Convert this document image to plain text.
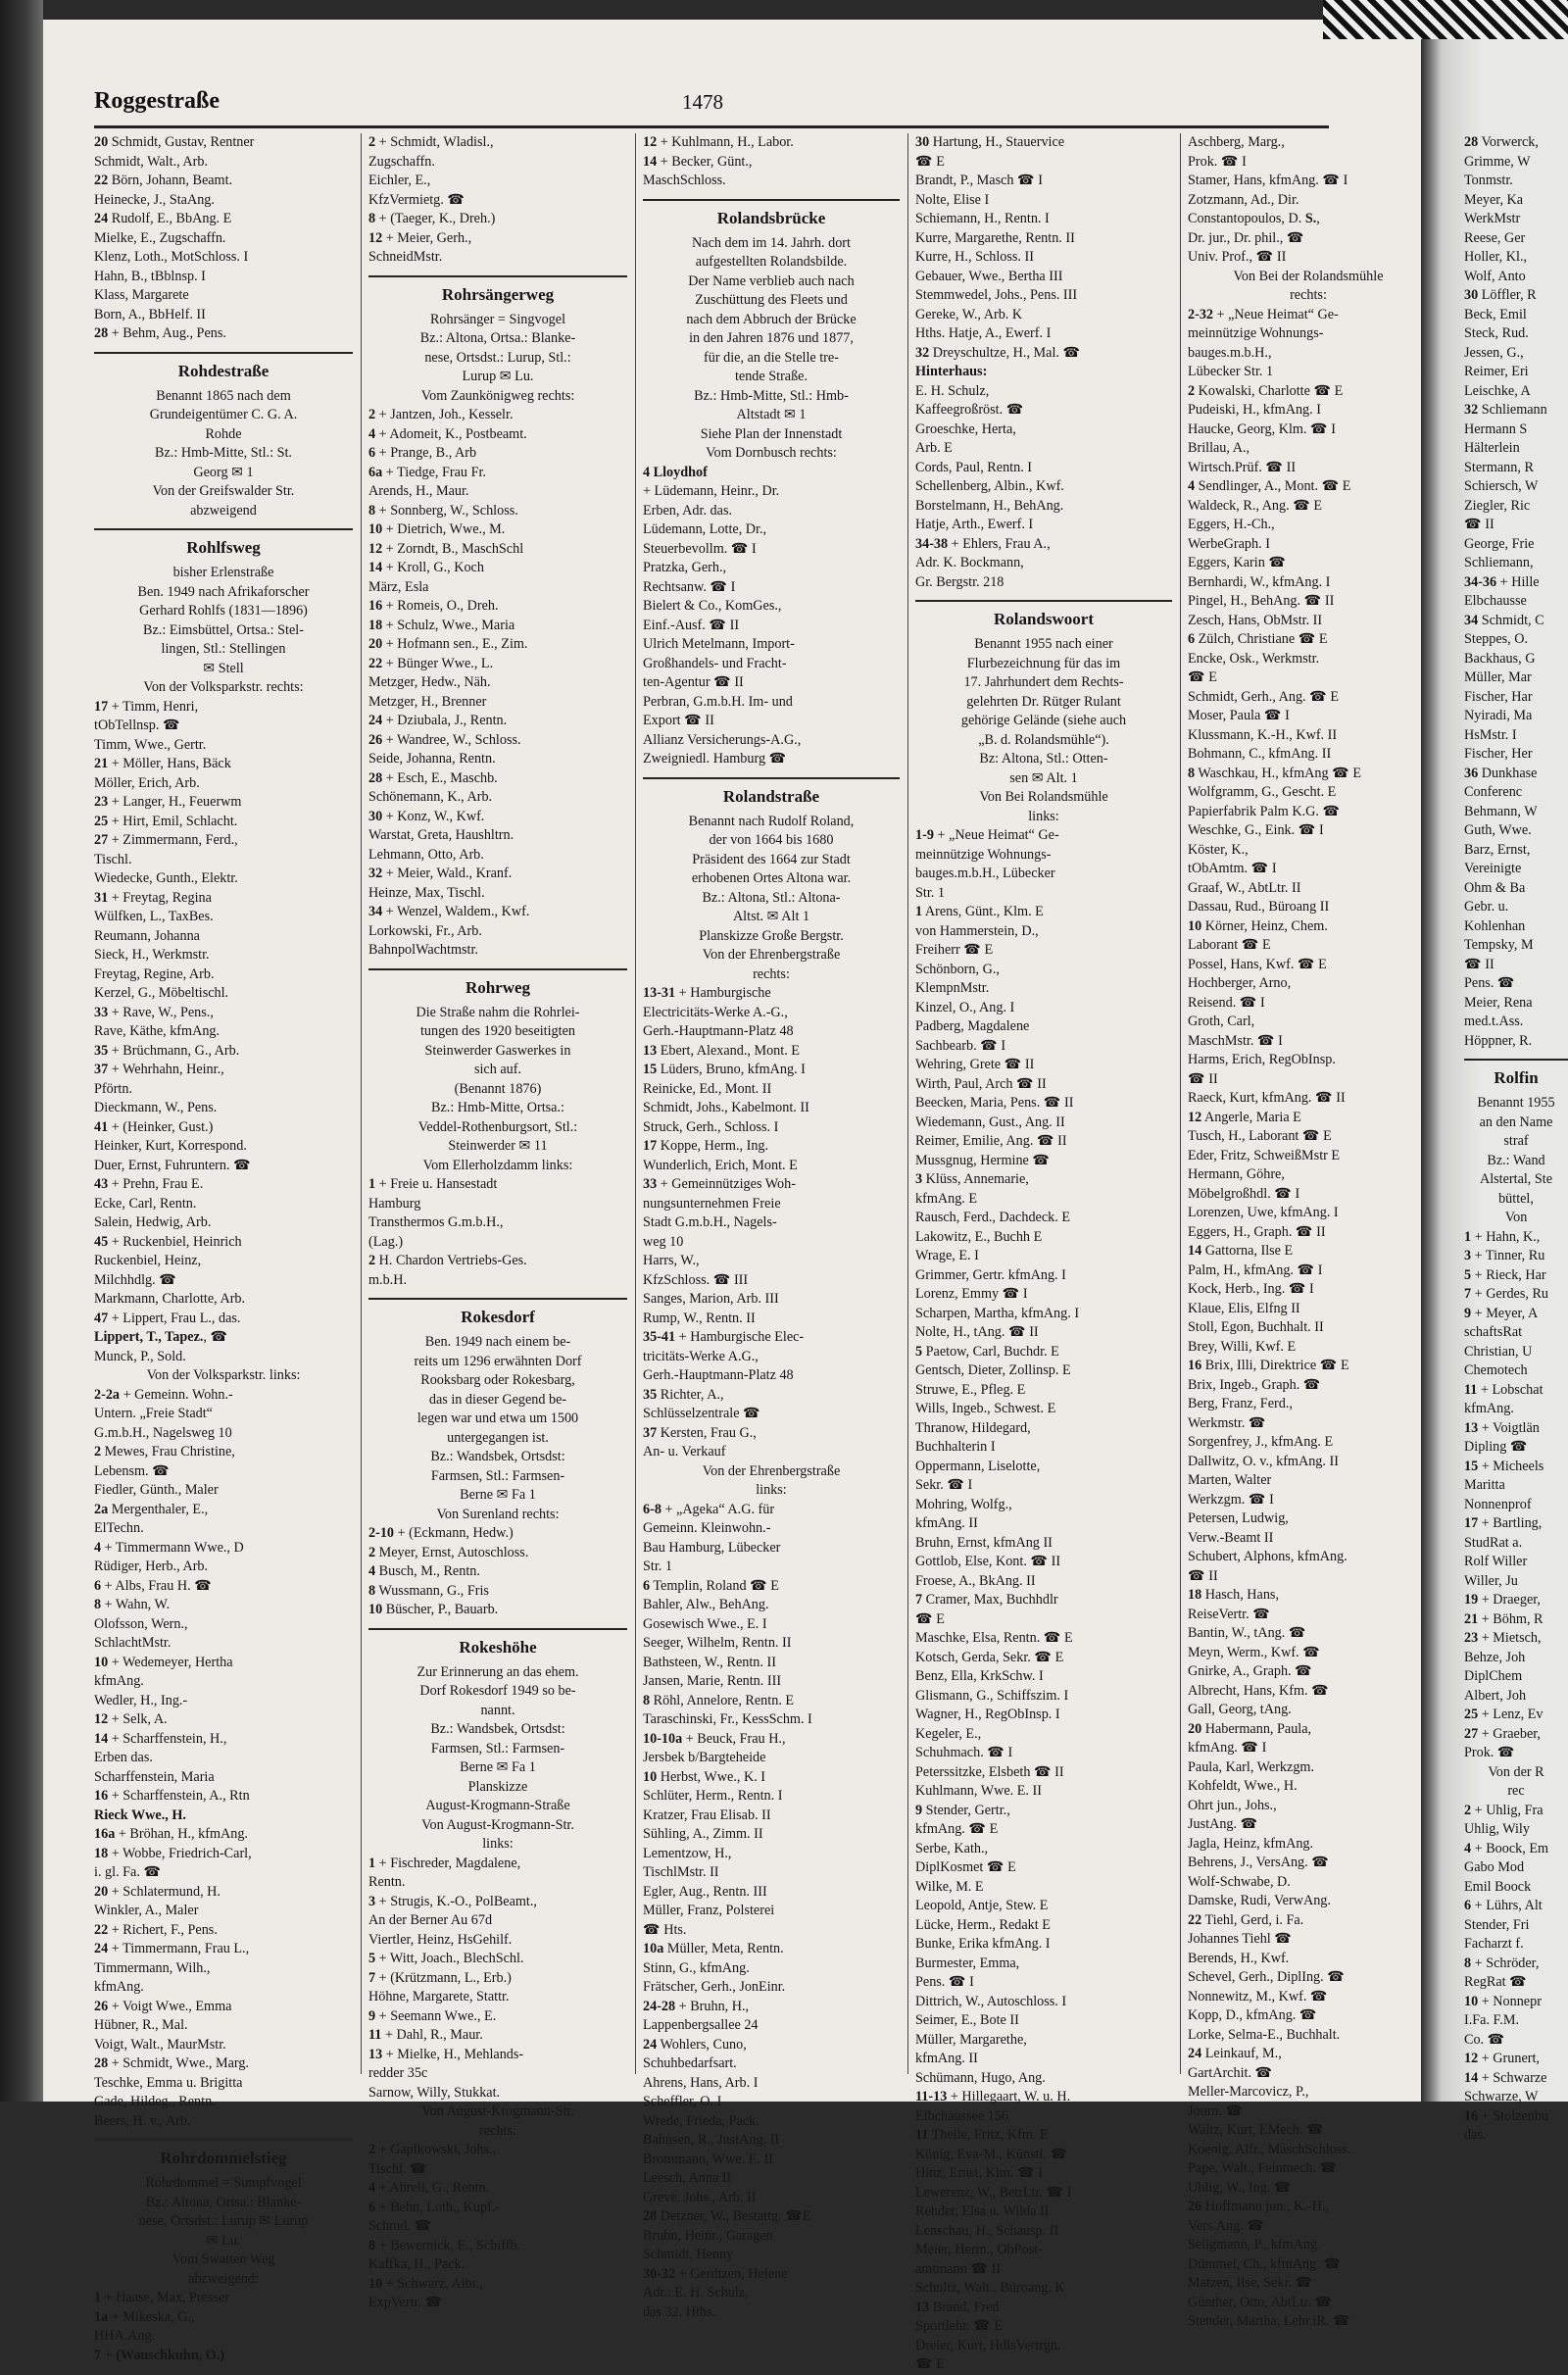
Roggestraße	1478
20 Schmidt, Gustav, Rentner
Schmidt, Walt., Arb.
22 Börn, Johann, Beamt.
Heinecke, J., StaAng.
24 Rudolf, E., BbAng. E
Mielke, E., Zugschaffn.
Klenz, Loth., MotSchloss. I
Hahn, B., tBblnsp. I
Klass, Margarete
Born, A., BbHelf. II
28 + Behm, Aug., Pens.
Rohdestraße
Benannt 1865 nach dem
Grundeigentümer C. G. A.
Rohde
Bz.: Hmb-Mitte, Stl.: St.
Georg ✉ 1
Von der Greifswalder Str.
abzweigend
Rohlfsweg
bisher Erlenstraße
Ben. 1949 nach Afrikaforscher
Gerhard Rohlfs (1831—1896)
Bz.: Eimsbüttel, Ortsa.: Stel-
lingen, Stl.: Stellingen
✉ Stell
Von der Volksparkstr. rechts:
17 + Timm, Henri,
tObTellnsp. ☎
Timm, Wwe., Gertr.
21 + Möller, Hans, Bäck
Möller, Erich, Arb.
23 + Langer, H., Feuerwm
25 + Hirt, Emil, Schlacht.
27 + Zimmermann, Ferd.,
Tischl.
Wiedecke, Gunth., Elektr.
31 + Freytag, Regina
Wülfken, L., TaxBes.
Reumann, Johanna
Sieck, H., Werkmstr.
Freytag, Regine, Arb.
Kerzel, G., Möbeltischl.
33 + Rave, W., Pens.,
Rave, Käthe, kfmAng.
35 + Brüchmann, G., Arb.
37 + Wehrhahn, Heinr.,
Pförtn.
Dieckmann, W., Pens.
41 + (Heinker, Gust.)
Heinker, Kurt, Korrespond.
Duer, Ernst, Fuhruntern. ☎
43 + Prehn, Frau E.
Ecke, Carl, Rentn.
Salein, Hedwig, Arb.
45 + Ruckenbiel, Heinrich
Ruckenbiel, Heinz,
Milchhdlg. ☎
Markmann, Charlotte, Arb.
47 + Lippert, Frau L., das.
Lippert, T., Tapez., ☎
Munck, P., Sold.
Von der Volksparkstr. links:
2-2a + Gemeinn. Wohn.-
Untern. „Freie Stadt“
G.m.b.H., Nagelsweg 10
2 Mewes, Frau Christine,
Lebensm. ☎
Fiedler, Günth., Maler
2a Mergenthaler, E.,
ElTechn.
4 + Timmermann Wwe., D
Rüdiger, Herb., Arb.
6 + Albs, Frau H. ☎
8 + Wahn, W.
Olofsson, Wern.,
SchlachtMstr.
10 + Wedemeyer, Hertha
kfmAng.
Wedler, H., Ing.-
12 + Selk, A.
14 + Scharffenstein, H.,
Erben das.
Scharffenstein, Maria
16 + Scharffenstein, A., Rtn
Rieck Wwe., H.
16a + Bröhan, H., kfmAng.
18 + Wobbe, Friedrich-Carl,
i. gl. Fa. ☎
20 + Schlatermund, H.
Winkler, A., Maler
22 + Richert, F., Pens.
24 + Timmermann, Frau L.,
Timmermann, Wilh.,
kfmAng.
26 + Voigt Wwe., Emma
Hübner, R., Mal.
Voigt, Walt., MaurMstr.
28 + Schmidt, Wwe., Marg.
Teschke, Emma u. Brigitta
Gade, Hildeg., Rentn.
Beers, H. v., Arb.
Rohrdommelstieg
Rohrdommel = Sumpfvogel
Bz.: Altona, Ortsa.: Blanke-
nese, Ortsdst.: Lurup ✉ Lurup
✉ Lu.
Vom Swatten Weg
abzweigend:
1 + Haase, Max, Presser
1a + Mikeska, G.,
HHA.Ang.
7 + (Wauschkuhn, O.)
2 + Schmidt, Wladisl.,
Zugschaffn.
Eichler, E.,
KfzVermietg. ☎
8 + (Taeger, K., Dreh.)
12 + Meier, Gerh.,
SchneidMstr.
Rohrsängerweg
Rohrsänger = Singvogel
Bz.: Altona, Ortsa.: Blanke-
nese, Ortsdst.: Lurup, Stl.:
Lurup ✉ Lu.
Vom Zaunkönigweg rechts:
2 + Jantzen, Joh., Kesselr.
4 + Adomeit, K., Postbeamt.
6 + Prange, B., Arb
6a + Tiedge, Frau Fr.
Arends, H., Maur.
8 + Sonnberg, W., Schloss.
10 + Dietrich, Wwe., M.
12 + Zorndt, B., MaschSchl
14 + Kroll, G., Koch
März, Esla
16 + Romeis, O., Dreh.
18 + Schulz, Wwe., Maria
20 + Hofmann sen., E., Zim.
22 + Bünger Wwe., L.
Metzger, Hedw., Näh.
Metzger, H., Brenner
24 + Dziubala, J., Rentn.
26 + Wandree, W., Schloss.
Seide, Johanna, Rentn.
28 + Esch, E., Maschb.
Schönemann, K., Arb.
30 + Konz, W., Kwf.
Warstat, Greta, Haushltrn.
Lehmann, Otto, Arb.
32 + Meier, Wald., Kranf.
Heinze, Max, Tischl.
34 + Wenzel, Waldem., Kwf.
Lorkowski, Fr., Arb.
BahnpolWachtmstr.
Rohrweg
Die Straße nahm die Rohrlei-
tungen des 1920 beseitigten
Steinwerder Gaswerkes in
sich auf.
(Benannt 1876)
Bz.: Hmb-Mitte, Ortsa.:
Veddel-Rothenburgsort, Stl.:
Steinwerder ✉ 11
Vom Ellerholzdamm links:
1 + Freie u. Hansestadt
Hamburg
Transthermos G.m.b.H.,
(Lag.)
2 H. Chardon Vertriebs-Ges.
m.b.H.
Rokesdorf
Ben. 1949 nach einem be-
reits um 1296 erwähnten Dorf
Rooksbarg oder Rokesbarg,
das in dieser Gegend be-
legen war und etwa um 1500
untergegangen ist.
Bz.: Wandsbek, Ortsdst:
Farmsen, Stl.: Farmsen-
Berne ✉ Fa 1
Von Surenland rechts:
2-10 + (Eckmann, Hedw.)
2 Meyer, Ernst, Autoschloss.
4 Busch, M., Rentn.
8 Wussmann, G., Fris
10 Büscher, P., Bauarb.
Rokeshöhe
Zur Erinnerung an das ehem.
Dorf Rokesdorf 1949 so be-
nannt.
Bz.: Wandsbek, Ortsdst:
Farmsen, Stl.: Farmsen-
Berne ✉ Fa 1
Planskizze
August-Krogmann-Straße
Von August-Krogmann-Str.
links:
1 + Fischreder, Magdalene,
Rentn.
3 + Strugis, K.-O., PolBeamt.,
An der Berner Au 67d
Viertler, Heinz, HsGehilf.
5 + Witt, Joach., BlechSchl.
7 + (Krützmann, L., Erb.)
Höhne, Margarete, Stattr.
9 + Seemann Wwe., E.
11 + Dahl, R., Maur.
13 + Mielke, H., Mehlands-
redder 35c
Sarnow, Willy, Stukkat.
Von August-Krogmann-Str.
rechts:
2 + Gaplkowski, Johs.,
Tischl. ☎
4 + Abrell, G., Rentn.
6 + Behn, Loth., Kupf.-
Schmd. ☎
8 + Bewernick, E., Schiffb.
Kaffka, H., Pack.
10 + Schwarz, Albr.,
ExpVertr. ☎
12 + Kuhlmann, H., Labor.
14 + Becker, Günt.,
MaschSchloss.
Rolandsbrücke
Nach dem im 14. Jahrh. dort
aufgestellten Rolandsbilde.
Der Name verblieb auch nach
Zuschüttung des Fleets und
nach dem Abbruch der Brücke
in den Jahren 1876 und 1877,
für die, an die Stelle tre-
tende Straße.
Bz.: Hmb-Mitte, Stl.: Hmb-
Altstadt ✉ 1
Siehe Plan der Innenstadt
Vom Dornbusch rechts:
4 Lloydhof
+ Lüdemann, Heinr., Dr.
Erben, Adr. das.
Lüdemann, Lotte, Dr.,
Steuerbevollm. ☎ I
Pratzka, Gerh.,
Rechtsanw. ☎ I
Bielert & Co., KomGes.,
Einf.-Ausf. ☎ II
Ulrich Metelmann, Import-
Großhandels- und Fracht-
ten-Agentur ☎ II
Perbran, G.m.b.H. Im- und
Export ☎ II
Allianz Versicherungs-A.G.,
Zweigniedl. Hamburg ☎
Rolandstraße
Benannt nach Rudolf Roland,
der von 1664 bis 1680
Präsident des 1664 zur Stadt
erhobenen Ortes Altona war.
Bz.: Altona, Stl.: Altona-
Altst. ✉ Alt 1
Planskizze Große Bergstr.
Von der Ehrenbergstraße
rechts:
13-31 + Hamburgische
Electricitäts-Werke A.-G.,
Gerh.-Hauptmann-Platz 48
13 Ebert, Alexand., Mont. E
15 Lüders, Bruno, kfmAng. I
Reinicke, Ed., Mont. II
Schmidt, Johs., Kabelmont. II
Struck, Gerh., Schloss. I
17 Koppe, Herm., Ing.
Wunderlich, Erich, Mont. E
33 + Gemeinnütziges Woh-
nungsunternehmen Freie
Stadt G.m.b.H., Nagels-
weg 10
Harrs, W.,
KfzSchloss. ☎ III
Sanges, Marion, Arb. III
Rump, W., Rentn. II
35-41 + Hamburgische Elec-
tricitäts-Werke A.G.,
Gerh.-Hauptmann-Platz 48
35 Richter, A.,
Schlüsselzentrale ☎
37 Kersten, Frau G.,
An- u. Verkauf
Von der Ehrenbergstraße
links:
6-8 + „Ageka“ A.G. für
Gemeinn. Kleinwohn.-
Bau Hamburg, Lübecker
Str. 1
6 Templin, Roland ☎ E
Bahler, Alw., BehAng.
Gosewisch Wwe., E. I
Seeger, Wilhelm, Rentn. II
Bathsteen, W., Rentn. II
Jansen, Marie, Rentn. III
8 Röhl, Annelore, Rentn. E
Taraschinski, Fr., KessSchm. I
10-10a + Beuck, Frau H.,
Jersbek b/Bargteheide
10 Herbst, Wwe., K. I
Schlüter, Herm., Rentn. I
Kratzer, Frau Elisab. II
Sühling, A., Zimm. II
Lementzow, H.,
TischlMstr. II
Egler, Aug., Rentn. III
Müller, Franz, Polsterei
☎ Hts.
10a Müller, Meta, Rentn.
Stinn, G., kfmAng.
Frätscher, Gerh., JonEinr.
24-28 + Bruhn, H.,
Lappenbergsallee 24
24 Wohlers, Cuno,
Schuhbedarfsart.
Ahrens, Hans, Arb. I
Scheffler, O. I
Wrede, Frieda, Pack.
Bahnsen, R., JustAng. II
Brommann, Wwe. E. II
Leesch, Anna II
Greve, Johs., Arb. II
28 Detzner, W., Bestattg. ☎E
Bruhn, Heinr., Garagen
Schmidt, Henny
30-32 + Gerdtzen, Helene
Adr.: E. H. Schulz,
das 32. Hths.
30 Hartung, H., Stauervice
☎ E
Brandt, P., Masch ☎ I
Nolte, Elise I
Schiemann, H., Rentn. I
Kurre, Margarethe, Rentn. II
Kurre, H., Schloss. II
Gebauer, Wwe., Bertha III
Stemmwedel, Johs., Pens. III
Gereke, W., Arb. K
Hths. Hatje, A., Ewerf. I
32 Dreyschultze, H., Mal. ☎
Hinterhaus:
E. H. Schulz,
Kaffeegroßröst. ☎
Groeschke, Herta,
Arb. E
Cords, Paul, Rentn. I
Schellenberg, Albin., Kwf.
Borstelmann, H., BehAng.
Hatje, Arth., Ewerf. I
34-38 + Ehlers, Frau A.,
Adr. K. Bockmann,
Gr. Bergstr. 218
Rolandswoort
Benannt 1955 nach einer
Flurbezeichnung für das im
17. Jahrhundert dem Rechts-
gelehrten Dr. Rütger Rulant
gehörige Gelände (siehe auch
„B. d. Rolandsmühle“).
Bz: Altona, Stl.: Otten-
sen ✉ Alt. 1
Von Bei Rolandsmühle
links:
1-9 + „Neue Heimat“ Ge-
meinnützige Wohnungs-
bauges.m.b.H., Lübecker
Str. 1
1 Arens, Günt., Klm. E
von Hammerstein, D.,
Freiherr ☎ E
Schönborn, G.,
KlempnMstr.
Kinzel, O., Ang. I
Padberg, Magdalene
Sachbearb. ☎ I
Wehring, Grete ☎ II
Wirth, Paul, Arch ☎ II
Beecken, Maria, Pens. ☎ II
Wiedemann, Gust., Ang. II
Reimer, Emilie, Ang. ☎ II
Mussgnug, Hermine ☎
3 Klüss, Annemarie,
kfmAng. E
Rausch, Ferd., Dachdeck. E
Lakowitz, E., Buchh E
Wrage, E. I
Grimmer, Gertr. kfmAng. I
Lorenz, Emmy ☎ I
Scharpen, Martha, kfmAng. I
Nolte, H., tAng. ☎ II
5 Paetow, Carl, Buchdr. E
Gentsch, Dieter, Zollinsp. E
Struwe, E., Pfleg. E
Wills, Ingeb., Schwest. E
Thranow, Hildegard,
Buchhalterin I
Oppermann, Liselotte,
Sekr. ☎ I
Mohring, Wolfg.,
kfmAng. II
Bruhn, Ernst, kfmAng II
Gottlob, Else, Kont. ☎ II
Froese, A., BkAng. II
7 Cramer, Max, Buchhdlr
☎ E
Maschke, Elsa, Rentn. ☎ E
Kotsch, Gerda, Sekr. ☎ E
Benz, Ella, KrkSchw. I
Glismann, G., Schiffszim. I
Wagner, H., RegObInsp. I
Kegeler, E.,
Schuhmach. ☎ I
Peterssitzke, Elsbeth ☎ II
Kuhlmann, Wwe. E. II
9 Stender, Gertr.,
kfmAng. ☎ E
Serbe, Kath.,
DiplKosmet ☎ E
Wilke, M. E
Leopold, Antje, Stew. E
Lücke, Herm., Redakt E
Bunke, Erika kfmAng. I
Burmester, Emma,
Pens. ☎ I
Dittrich, W., Autoschloss. I
Seimer, E., Bote II
Müller, Margarethe,
kfmAng. II
Schümann, Hugo, Ang.
11-13 + Hillegaart, W. u. H.
Elbchaussee 156
11 Theile, Fritz, Kfm. E
König, Eva-M., Künstl. ☎
Hinz, Ernst, Klm. ☎ I
Lewerenz, W., BetrLtr. ☎ I
Rehder, Elsa u. Wilda II
Lenschau, H., Schausp. II
Meier, Herm., ObPost-
amtmann ☎ II
Schultz, Walt., Büroang. K
13 Brand, Fred
Sportlehr. ☎ E
Dreier, Kurt, HdlsVertrgn.
☎ E
Aschberg, Marg.,
Prok. ☎ I
Stamer, Hans, kfmAng. ☎ I
Zotzmann, Ad., Dir.
Constantopoulos, D. S.,
Dr. jur., Dr. phil., ☎
Univ. Prof., ☎ II
Von Bei der Rolandsmühle
rechts:
2-32 + „Neue Heimat“ Ge-
meinnützige Wohnungs-
bauges.m.b.H.,
Lübecker Str. 1
2 Kowalski, Charlotte ☎ E
Pudeiski, H., kfmAng. I
Haucke, Georg, Klm. ☎ I
Brillau, A.,
Wirtsch.Prüf. ☎ II
4 Sendlinger, A., Mont. ☎ E
Waldeck, R., Ang. ☎ E
Eggers, H.-Ch.,
WerbeGraph. I
Eggers, Karin ☎
Bernhardi, W., kfmAng. I
Pingel, H., BehAng. ☎ II
Zesch, Hans, ObMstr. II
6 Zülch, Christiane ☎ E
Encke, Osk., Werkmstr.
☎ E
Schmidt, Gerh., Ang. ☎ E
Moser, Paula ☎ I
Klussmann, K.-H., Kwf. II
Bohmann, C., kfmAng. II
8 Waschkau, H., kfmAng ☎ E
Wolfgramm, G., Gescht. E
Papierfabrik Palm K.G. ☎
Weschke, G., Eink. ☎ I
Köster, K.,
tObAmtm. ☎ I
Graaf, W., AbtLtr. II
Dassau, Rud., Büroang II
10 Körner, Heinz, Chem.
Laborant ☎ E
Possel, Hans, Kwf. ☎ E
Hochberger, Arno,
Reisend. ☎ I
Groth, Carl,
MaschMstr. ☎ I
Harms, Erich, RegObInsp.
☎ II
Raeck, Kurt, kfmAng. ☎ II
12 Angerle, Maria E
Tusch, H., Laborant ☎ E
Eder, Fritz, SchweißMstr E
Hermann, Göhre,
Möbelgroßhdl. ☎ I
Lorenzen, Uwe, kfmAng. I
Eggers, H., Graph. ☎ II
14 Gattorna, Ilse E
Palm, H., kfmAng. ☎ I
Kock, Herb., Ing. ☎ I
Klaue, Elis, Elfng II
Stoll, Egon, Buchhalt. II
Brey, Willi, Kwf. E
16 Brix, Illi, Direktrice ☎ E
Brix, Ingeb., Graph. ☎
Berg, Franz, Ferd.,
Werkmstr. ☎
Sorgenfrey, J., kfmAng. E
Dallwitz, O. v., kfmAng. II
Marten, Walter
Werkzgm. ☎ I
Petersen, Ludwig,
Verw.-Beamt II
Schubert, Alphons, kfmAng.
☎ II
18 Hasch, Hans,
ReiseVertr. ☎
Bantin, W., tAng. ☎
Meyn, Werm., Kwf. ☎
Gnirke, A., Graph. ☎
Albrecht, Hans, Kfm. ☎
Gall, Georg, tAng.
20 Habermann, Paula,
kfmAng. ☎ I
Paula, Karl, Werkzgm.
Kohfeldt, Wwe., H.
Ohrt jun., Johs.,
JustAng. ☎
Jagla, Heinz, kfmAng.
Behrens, J., VersAng. ☎
Wolf-Schwabe, D.
Damske, Rudi, VerwAng.
22 Tiehl, Gerd, i. Fa.
Johannes Tiehl ☎
Berends, H., Kwf.
Schevel, Gerh., DiplIng. ☎
Nonnewitz, M., Kwf. ☎
Kopp, D., kfmAng. ☎
Lorke, Selma-E., Buchhalt.
24 Leinkauf, M.,
GartArchit. ☎
Meller-Marcovicz, P.,
Journ. ☎
Waltz, Kurt, EMech. ☎
Koenig, Alfr., MaschSchloss.
Pape, Walt., Feinmech. ☎
Uhlig, W., Ing. ☎
26 Hoffmann jun., K.-H.,
Vers.Ang. ☎
Seligmann, P., kfmAng.
Dümmel, Ch., kfmAng. ☎
Matzen, Ilse, Sekr. ☎
Günther, Otto, AbtLtr. ☎
Stender, Martha, Lehr.iR. ☎
28 Vorwerck,
Grimme, W
Tonmstr.
Meyer, Ka
WerkMstr
Reese, Ger
Holler, Kl.,
Wolf, Anto
30 Löffler, R
Beck, Emil
Steck, Rud.
Jessen, G.,
Reimer, Eri
Leischke, A
32 Schliemann
Hermann S
Hälterlein
Stermann, R
Schiersch, W
Ziegler, Ric
☎ II
George, Frie
Schliemann,
34-36 + Hille
Elbchausse
34 Schmidt, C
Steppes, O.
Backhaus, G
Müller, Mar
Fischer, Har
Nyiradi, Ma
HsMstr. I
Fischer, Her
36 Dunkhase
Conferenc
Behmann, W
Guth, Wwe.
Barz, Ernst,
Vereinigte
Ohm & Ba
Gebr. u.
Kohlenhan
Tempsky, M
☎ II
Pens. ☎
Meier, Rena
med.t.Ass.
Höppner, R.
Rolfin
Benannt 1955
an den Name
straf
Bz.: Wand
Alstertal, Ste
büttel,
Von
1 + Hahn, K.,
3 + Tinner, Ru
5 + Rieck, Har
7 + Gerdes, Ru
9 + Meyer, A
schaftsRat
Christian, U
Chemotech
11 + Lobschat
kfmAng.
13 + Voigtlän
Dipling ☎
15 + Micheels
Maritta
Nonnenprof
17 + Bartling,
StudRat a.
Rolf Willer
Willer, Ju
19 + Draeger,
21 + Böhm, R
23 + Mietsch,
Behze, Joh
DiplChem
Albert, Joh
25 + Lenz, Ev
27 + Graeber,
Prok. ☎
Von der R
rec
2 + Uhlig, Fra
Uhlig, Wily
4 + Boock, Em
Gabo Mod
Emil Boock
6 + Lührs, Alt
Stender, Fri
Facharzt f.
8 + Schröder,
RegRat ☎
10 + Nonnepr
I.Fa. F.M.
Co. ☎
12 + Grunert,
14 + Schwarze
Schwarze, W
16 + Stolzenbu
das.
